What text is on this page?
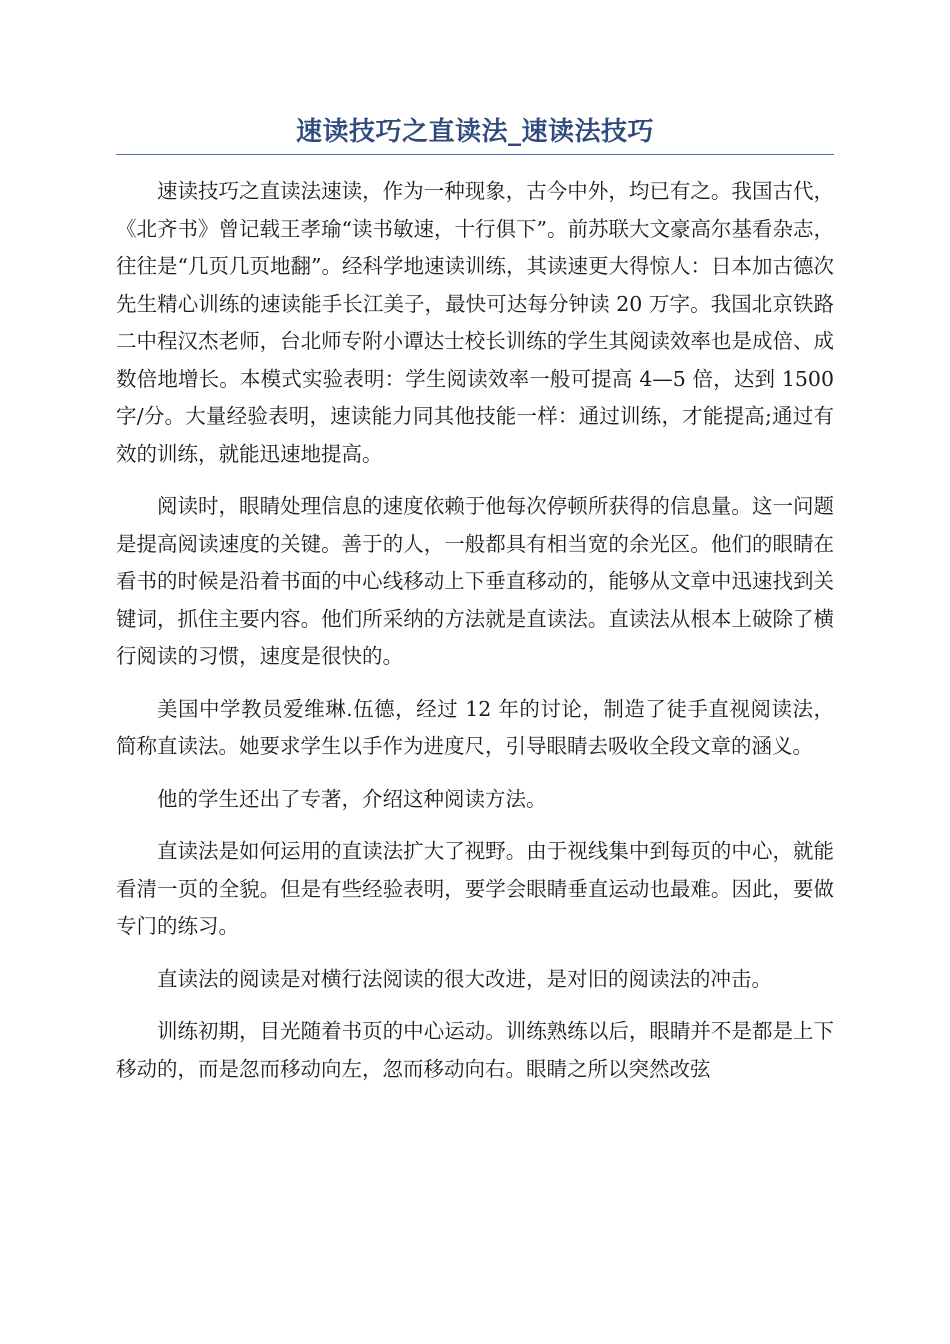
速读技巧之直读法_速读法技巧

速读技巧之直读法速读，作为一种现象，古今中外，均已有之。我国古代，《北齐书》曾记载王孝瑜“读书敏速，十行俱下”。前苏联大文豪高尔基看杂志，往往是“几页几页地翻”。经科学地速读训练，其读速更大得惊人：日本加古德次先生精心训练的速读能手长江美子，最快可达每分钟读 20 万字。我国北京铁路二中程汉杰老师，台北师专附小谭达士校长训练的学生其阅读效率也是成倍、成数倍地增长。本模式实验表明：学生阅读效率一般可提高 4—5 倍，达到 1500 字/分。大量经验表明，速读能力同其他技能一样：通过训练，才能提高;通过有效的训练，就能迅速地提高。

阅读时，眼睛处理信息的速度依赖于他每次停顿所获得的信息量。这一问题是提高阅读速度的关键。善于的人，一般都具有相当宽的余光区。他们的眼睛在看书的时候是沿着书面的中心线移动上下垂直移动的，能够从文章中迅速找到关键词，抓住主要内容。他们所采纳的方法就是直读法。直读法从根本上破除了横行阅读的习惯，速度是很快的。

美国中学教员爱维琳.伍德，经过 12 年的讨论，制造了徒手直视阅读法，简称直读法。她要求学生以手作为进度尺，引导眼睛去吸收全段文章的涵义。

他的学生还出了专著，介绍这种阅读方法。

直读法是如何运用的直读法扩大了视野。由于视线集中到每页的中心，就能看清一页的全貌。但是有些经验表明，要学会眼睛垂直运动也最难。因此，要做专门的练习。

直读法的阅读是对横行法阅读的很大改进，是对旧的阅读法的冲击。

训练初期，目光随着书页的中心运动。训练熟练以后，眼睛并不是都是上下移动的，而是忽而移动向左，忽而移动向右。眼睛之所以突然改弦
